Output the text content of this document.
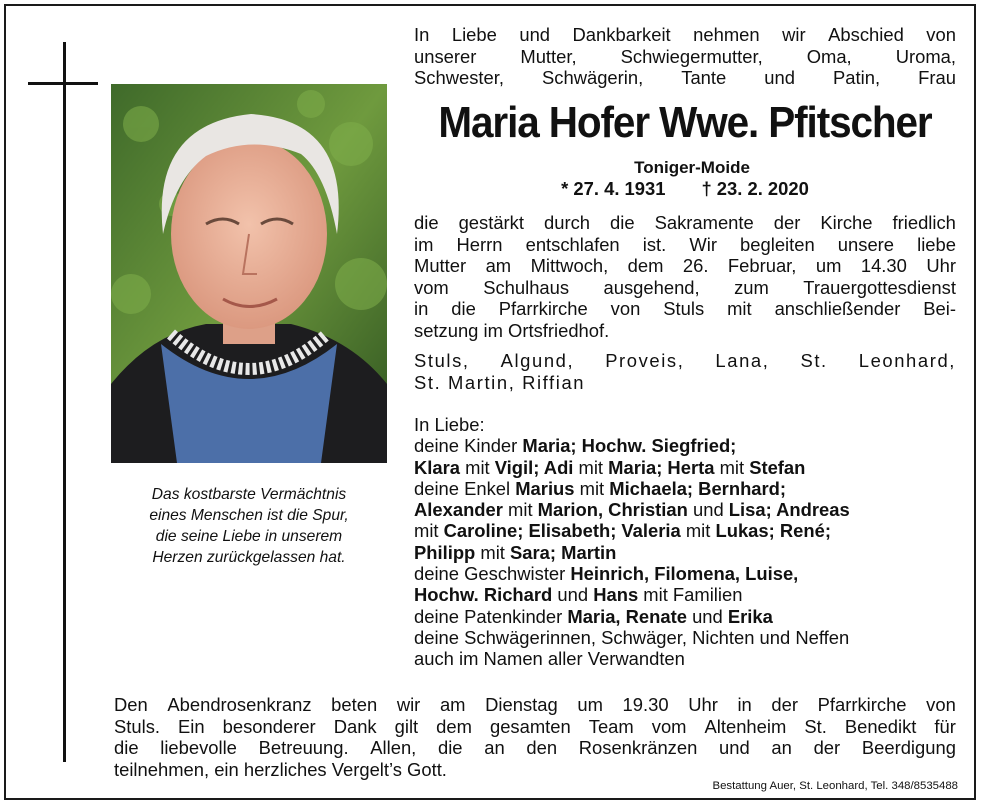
Das kostbarste Vermächtnis
eines Menschen ist die Spur,
die seine Liebe in unserem
Herzen zurückgelassen hat.
In Liebe und Dankbarkeit nehmen wir Abschied von
unserer Mutter, Schwiegermutter, Oma, Uroma,
Schwester, Schwägerin, Tante und Patin, Frau
Maria Hofer Wwe. Pfitscher
Toniger-Moide
* 27. 4. 1931 † 23. 2. 2020
die gestärkt durch die Sakramente der Kirche friedlich
im Herrn entschlafen ist. Wir begleiten unsere liebe
Mutter am Mittwoch, dem 26. Februar, um 14.30 Uhr
vom Schulhaus ausgehend, zum Trauergottesdienst
in die Pfarrkirche von Stuls mit anschließender Bei-
setzung im Ortsfriedhof.
Stuls, Algund, Proveis, Lana, St. Leonhard,
St. Martin, Riffian
In Liebe:
deine Kinder Maria; Hochw. Siegfried;
Klara mit Vigil; Adi mit Maria; Herta mit Stefan
deine Enkel Marius mit Michaela; Bernhard;
Alexander mit Marion, Christian und Lisa; Andreas
mit Caroline; Elisabeth; Valeria mit Lukas; René;
Philipp mit Sara; Martin
deine Geschwister Heinrich, Filomena, Luise,
Hochw. Richard und Hans mit Familien
deine Patenkinder Maria, Renate und Erika
deine Schwägerinnen, Schwäger, Nichten und Neffen
auch im Namen aller Verwandten
Den Abendrosenkranz beten wir am Dienstag um 19.30 Uhr in der Pfarrkirche von
Stuls. Ein besonderer Dank gilt dem gesamten Team vom Altenheim St. Benedikt für
die liebevolle Betreuung. Allen, die an den Rosenkränzen und an der Beerdigung
teilnehmen, ein herzliches Vergelt’s Gott.
Bestattung Auer, St. Leonhard, Tel. 348/8535488
